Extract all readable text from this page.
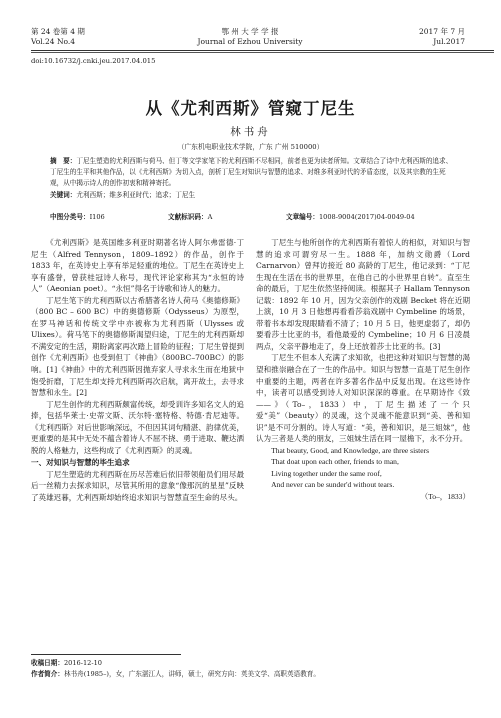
第 24 卷第 4 期
Vol.24 No.4
鄂 州 大 学 学 报
Journal of Ezhou University
2017 年 7 月
Jul.2017
doi:10.16732/j.cnki.jeu.2017.04.015
从《尤利西斯》管窥丁尼生
林书舟
（广东机电职业技术学院，广东 广州 510000）
摘　要：丁尼生塑造的尤利西斯与荷马、但丁等文学家笔下的尤利西斯不尽相同，前者也更为读者所知。文章结合了诗中尤利西斯的追求、丁尼生的生平和其他作品，以《尤利西斯》为切入点，剖析丁尼生对知识与智慧的追求、对维多利亚时代的矛盾态度，以及其宗教的生死观，从中揭示诗人的创作初衷和精神寄托。
关键词：尤利西斯；维多利亚时代；追求；丁尼生
中图分类号：I106	文献标识码：A	文章编号：1008-9004(2017)04-0049-04

《尤利西斯》是英国维多利亚时期著名诗人阿尔弗雷德·丁尼生（Alfred Tennyson，1809–1892）的作品，创作于 1833 年，在英诗史上享有举足轻重的地位。丁尼生在英诗史上享有盛誉，曾获桂冠诗人称号，现代评论家称其为“永恒的诗人”（Aeonian poet）。“永恒”得名于诗歌和诗人的魅力。

丁尼生笔下的尤利西斯以古希腊著名诗人荷马《奥德修斯》（800 BC – 600 BC）中的奥德修斯（Odysseus）为原型，在罗马神话和传统文学中亦被称为尤利西斯（Ulysses 或 Ulixes）。荷马笔下的奥德修斯渴望归途，丁尼生的尤利西斯却不满安定的生活，期盼离家再次踏上冒险的征程；丁尼生曾提到创作《尤利西斯》也受到但丁《神曲》（800BC–700BC）的影响。[1]《神曲》中的尤利西斯因抛弃家人寻求永生而在地狱中饱受折磨，丁尼生却支持尤利西斯再次启航，离开故土，去寻求智慧和永生。[2]

丁尼生创作的尤利西斯颇富传统，却受训许多知名文人的追捧，包括华莱士·史蒂文斯、沃尔特·塞特格、特德·肯尼迪等。《尤利西斯》对后世影响深远，不但因其词句精湛、韵律优美，更重要的是其中无处不蕴含着诗人不屈不挠、勇于进取、鞭达洒脱的人格魅力，这些构成了《尤利西斯》的灵魂。

一、对知识与智慧的毕生追求

丁尼生塑造的尤利西斯在历尽苦难后依旧带领船员们用尽最后一丝精力去探求知识，尽管其所用的意象“像那沉的星星”反映了英雄迟暮，尤利西斯却始终追求知识与智慧直至生命的尽头。

丁尼生与他所创作的尤利西斯有着惊人的相似，对知识与智慧的追求可谓穷尽一生。1888 年，加纳文勋爵（Lord Carnarvon）曾拜访接近 80 高龄的丁尼生，他记录到：“丁尼生现在生活在书的世界里，在他自己的小世界里自转”。直至生命的最后，丁尼生依然坚持阅读。根据其子 Hallam Tennyson 记载：1892 年 10 月，因为父亲创作的戏剧 Becket 将在近期上演，10 月 3 日他想再看看莎翁戏剧中 Cymbeline 的场景，带着书本却发现眼睛看不清了；10 月 5 日，他更虚弱了，却仍要看莎士比亚的书，看他最爱的 Cymbeline；10 月 6 日凌晨两点，父亲平静地走了，身上还放着莎士比亚的书。[3]

丁尼生不但本人充满了求知欲，也把这种对知识与智慧的渴望和推崇融合在了一生的作品中。知识与智慧一直是丁尼生创作中重要的主题，两者在许多著名作品中反复出现。在这些诗作中，读者可以感受到诗人对知识深深的尊重。在早期诗作《致——》（To–，1833）中，丁尼生描述了一个只爱“美”（beauty）的灵魂，这个灵魂不能意识到“美、善和知识”是不可分割的。诗人写道：“美，善和知识，是三姐妹”，他认为三者是人类的朋友，三姐妹生活在同一屋檐下，永不分开。

That beauty, Good, and Knowledge, are three sisters

That doat upon each other, friends to man,

Living together under the same roof,

And never can be sunder'd without tears.

（To–，1833）

收稿日期：2016-12-10
作者简介：林书舟(1985–)，女，广东湛江人，讲师，硕士，研究方向：英美文学、高职英语教育。
